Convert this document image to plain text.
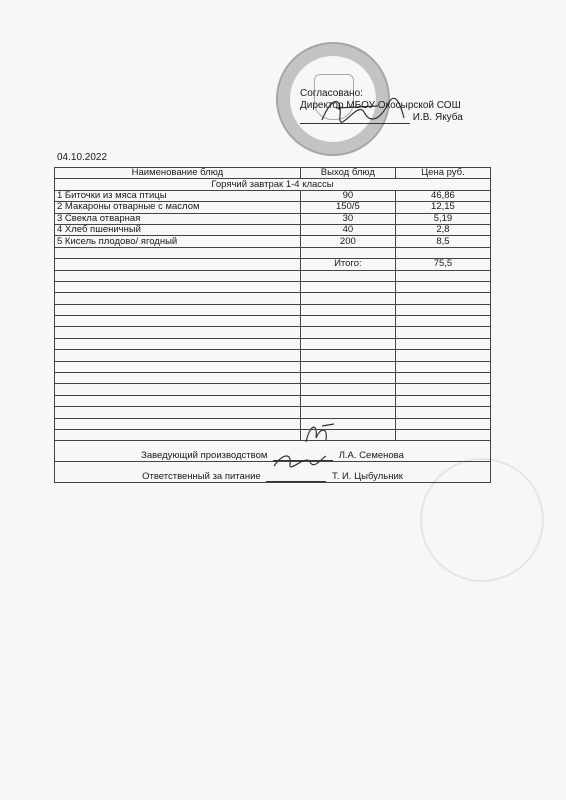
Согласовано:
Директор МБОУ Окосырской СОШ
И.В. Якуба
04.10.2022
Наименование блюд	Выход блюд	Цена руб.
Горячий завтрак 1-4 классы		
1 Биточки из мяса птицы	90	46,86
2 Макароны отварные с маслом	150/5	12,15
3 Свекла отварная	30	5,19
4 Хлеб пшеничный	40	2,8
5 Кисель плодово/ ягодный	200	8,5

	Итого:	75,5

Заведующий производством Л.А. Семенова		
Ответственный за питание Т. И. Цыбульник		
